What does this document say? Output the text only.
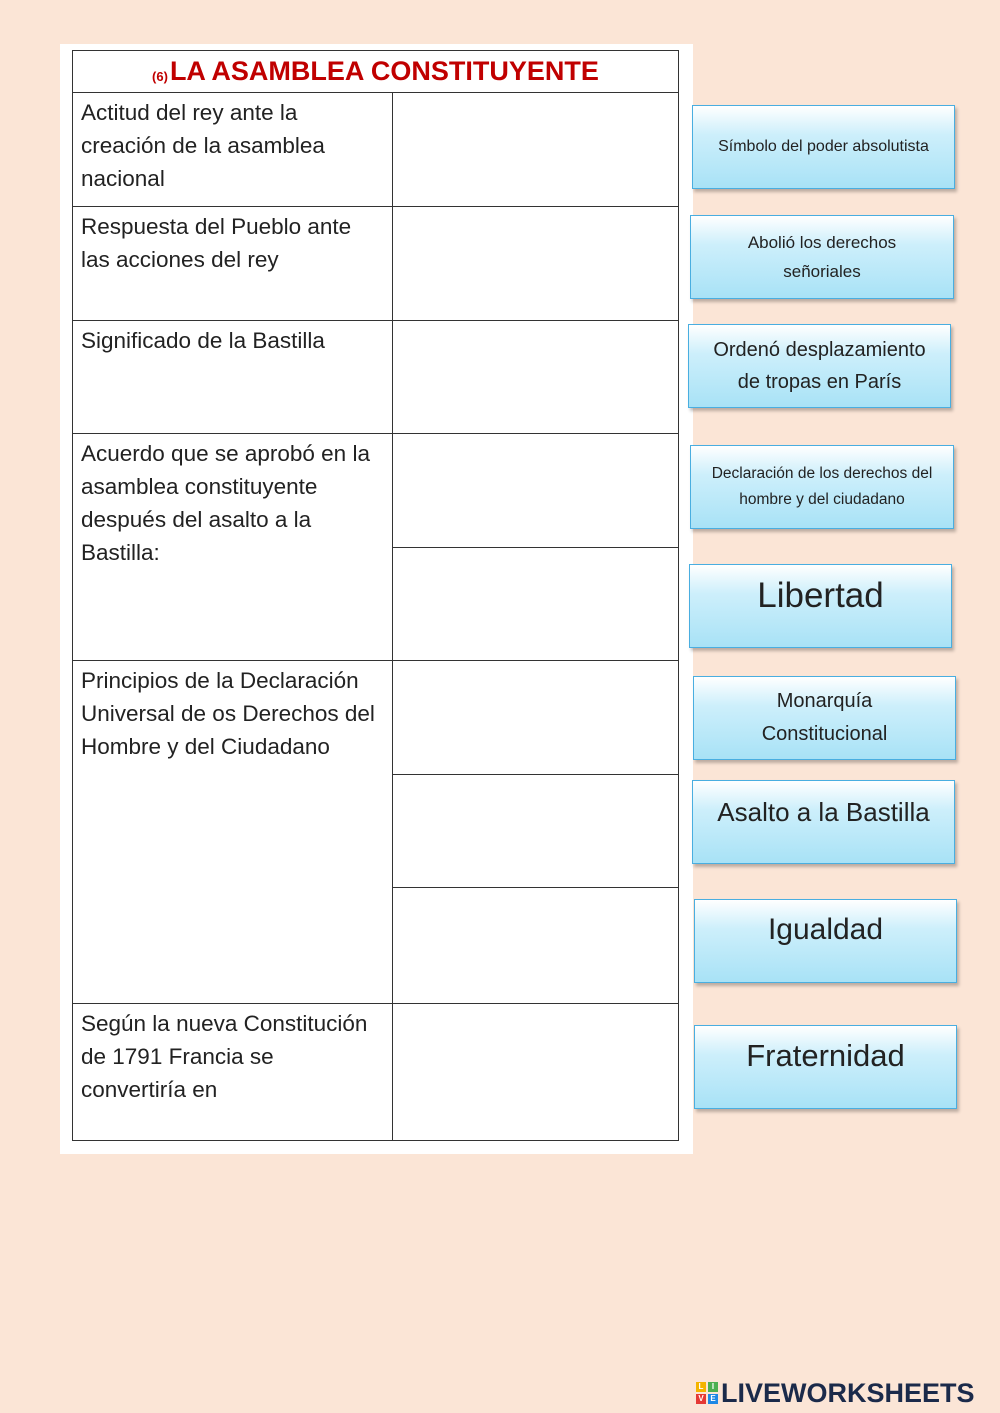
(6) LA ASAMBLEA CONSTITUYENTE
Actitud del rey ante la creación de la asamblea nacional
Respuesta del Pueblo ante las acciones del rey
Significado de la Bastilla
Acuerdo que se aprobó en la asamblea constituyente después del asalto a la Bastilla:
Principios de la Declaración Universal de os Derechos del Hombre y del Ciudadano
Según la nueva Constitución de 1791 Francia se convertiría en
Símbolo del poder absolutista
Abolió los derechos señoriales
Ordenó desplazamiento de tropas en París
Declaración de los derechos del hombre y del ciudadano
Libertad
Monarquía Constitucional
Asalto a la Bastilla
Igualdad
Fraternidad
L	I
V E LIVEWORKSHEETS
